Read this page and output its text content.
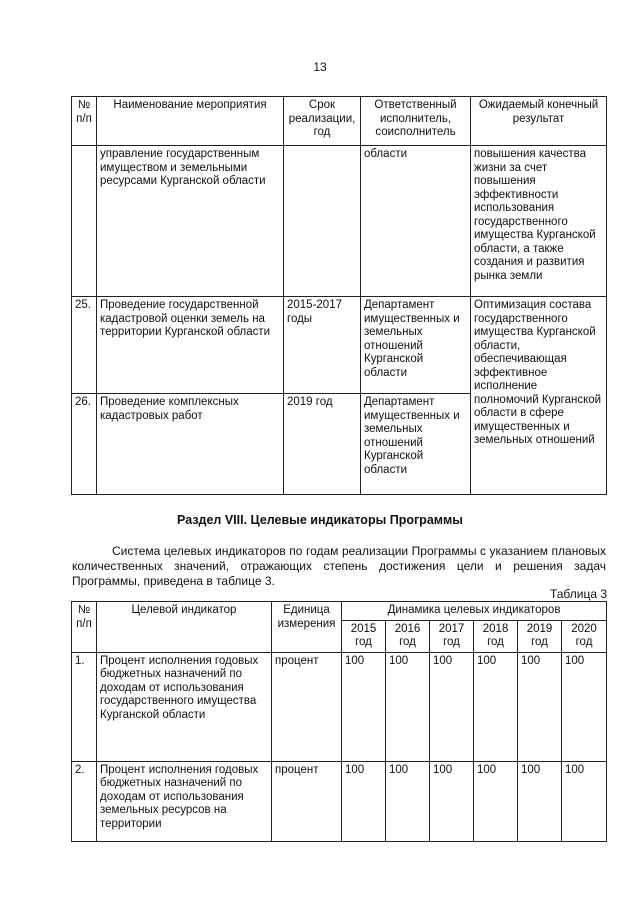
13
№ п/п	Наименование мероприятия	Срок реализации, год	Ответственный исполнитель, соисполнитель	Ожидаемый конечный результат
	управление государственным имуществом и земельными ресурсами Курганской области		области	повышения качества жизни за счет повышения эффективности использования государственного имущества Курганской области, а также создания и развития рынка земли
25.	Проведение государственной кадастровой оценки земель на территории Курганской области	2015-2017 годы	Департамент имущественных и земельных отношений Курганской области	Оптимизация состава государственного имущества Курганской области, обеспечивающая эффективное исполнение полномочий Курганской области в сфере имущественных и земельных отношений
26.	Проведение комплексных кадастровых работ	2019 год	Департамент имущественных и земельных отношений Курганской области	
Раздел VIII. Целевые индикаторы Программы

Система целевых индикаторов по годам реализации Программы с указанием плановых количественных значений, отражающих степень достижения цели и решения задач Программы, приведена в таблице 3.

Таблица 3
№ п/п	Целевой индикатор	Единица измерения	Динамика целевых индикаторов					
			2015 год	2016 год	2017 год	2018 год	2019 год	2020 год
1.	Процент исполнения годовых бюджетных назначений по доходам от использования государственного имущества Курганской области	процент	100	100	100	100	100	100
2.	Процент исполнения годовых бюджетных назначений по доходам от использования земельных ресурсов на территории	процент	100	100	100	100	100	100
